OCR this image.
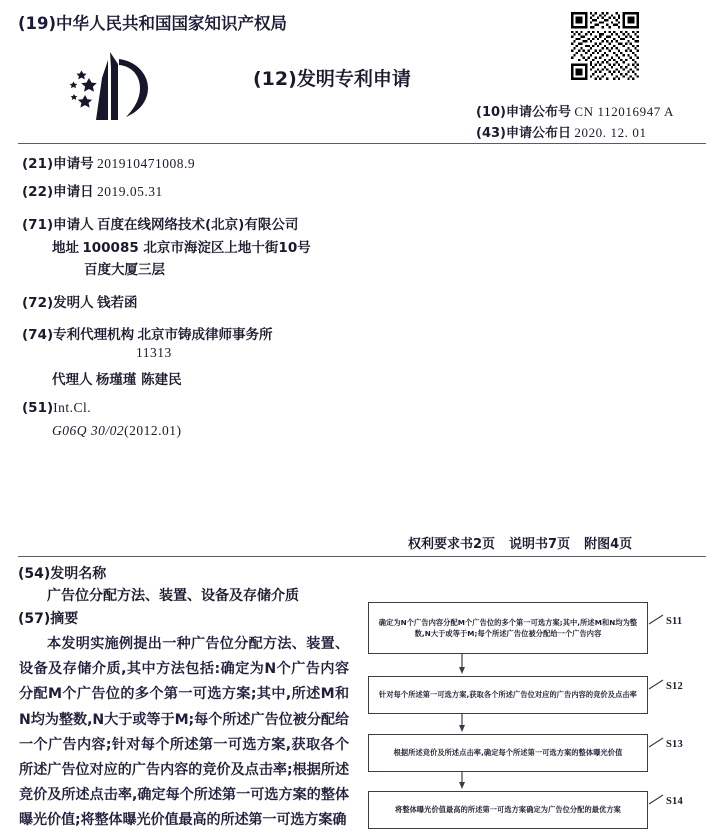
(19)中华人民共和国国家知识产权局
(12)发明专利申请
(10)申请公布号 CN 112016947 A
(43)申请公布日 2020. 12. 01
(21)申请号 201910471008.9
(22)申请日 2019.05.31
(71)申请人 百度在线网络技术(北京)有限公司
地址 100085 北京市海淀区上地十街10号
百度大厦三层
(72)发明人 钱若函
(74)专利代理机构 北京市铸成律师事务所
11313
代理人 杨瑾瑾 陈建民
(51)Int.Cl.
G06Q 30/02(2012.01)
权利要求书2页 说明书7页 附图4页
(54)发明名称
广告位分配方法、装置、设备及存储介质
(57)摘要
本发明实施例提出一种广告位分配方法、装置、设备及存储介质,其中方法包括:确定为N个广告内容分配M个广告位的多个第一可选方案;其中,所述M和N均为整数,N大于或等于M;每个所述广告位被分配给一个广告内容;针对每个所述第一可选方案,获取各个所述广告位对应的广告内容的竞价及点击率;根据所述竞价及所述点击率,确定每个所述第一可选方案的整体曝光价值;将整体曝光价值最高的所述第一可选方案确
确定为N个广告内容分配M个广告位的多个第一可选方案;其中,所述M和N均为整数,N大于或等于M;每个所述广告位被分配给一个广告内容
S11
针对每个所述第一可选方案,获取各个所述广告位对应的广告内容的竞价及点击率
S12
根据所述竞价及所述点击率,确定每个所述第一可选方案的整体曝光价值
S13
将整体曝光价值最高的所述第一可选方案确定为广告位分配的最优方案
S14
